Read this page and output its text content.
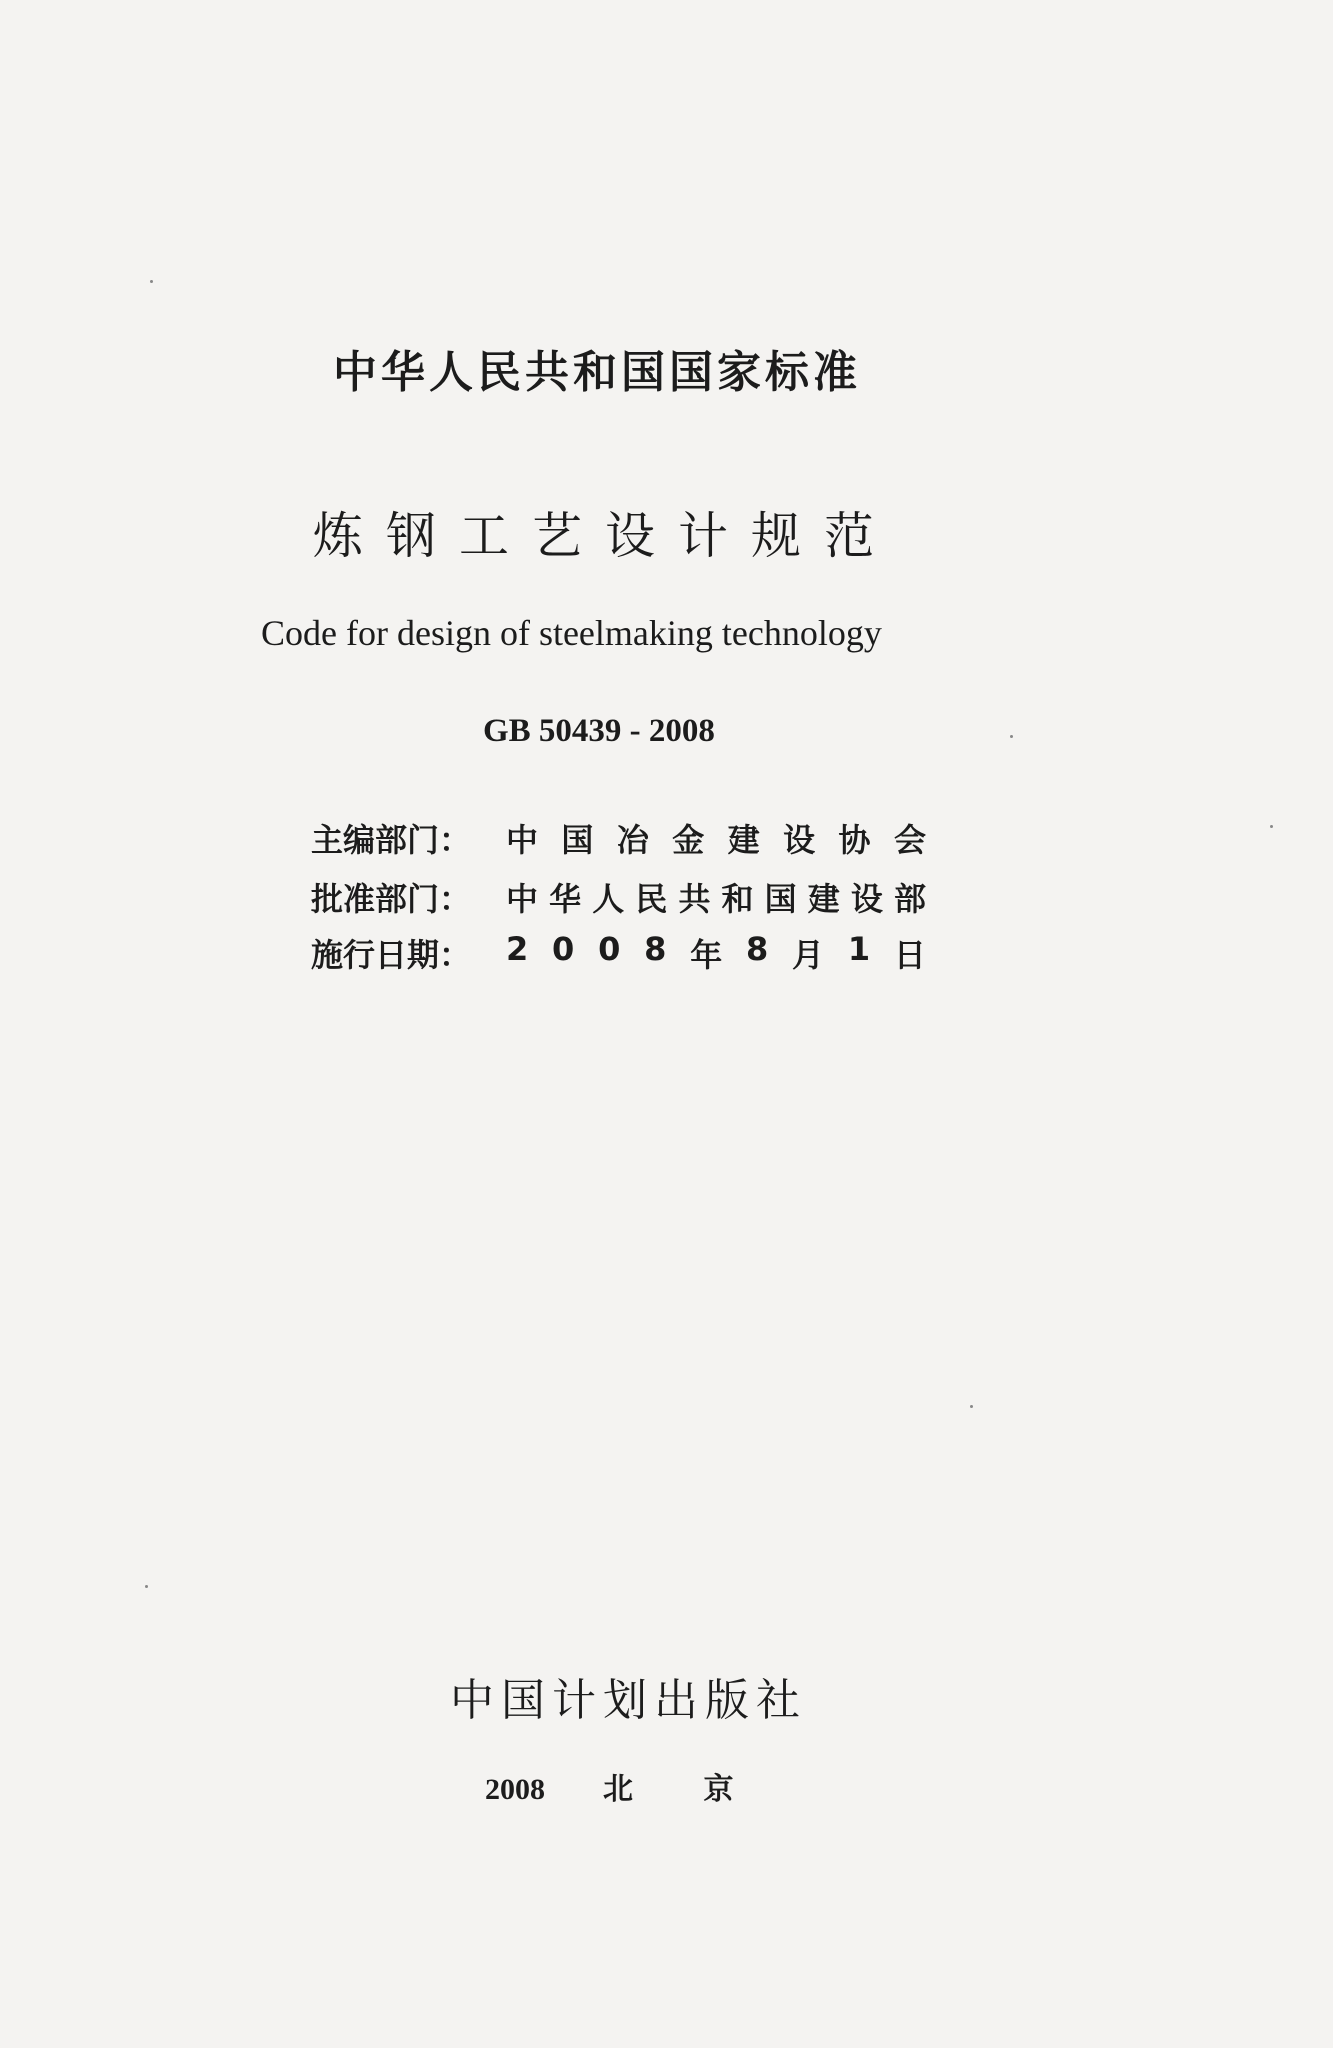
中华人民共和国国家标准
炼钢工艺设计规范
Code for design of steelmaking technology
GB 50439 - 2008
主编部门：	中 国 冶 金 建 设 协 会
批准部门：	中 华 人 民 共 和 国 建 设 部
施行日期：	2 0 0 8 年 8 月 1 日
中国计划出版社
2008 北 京
